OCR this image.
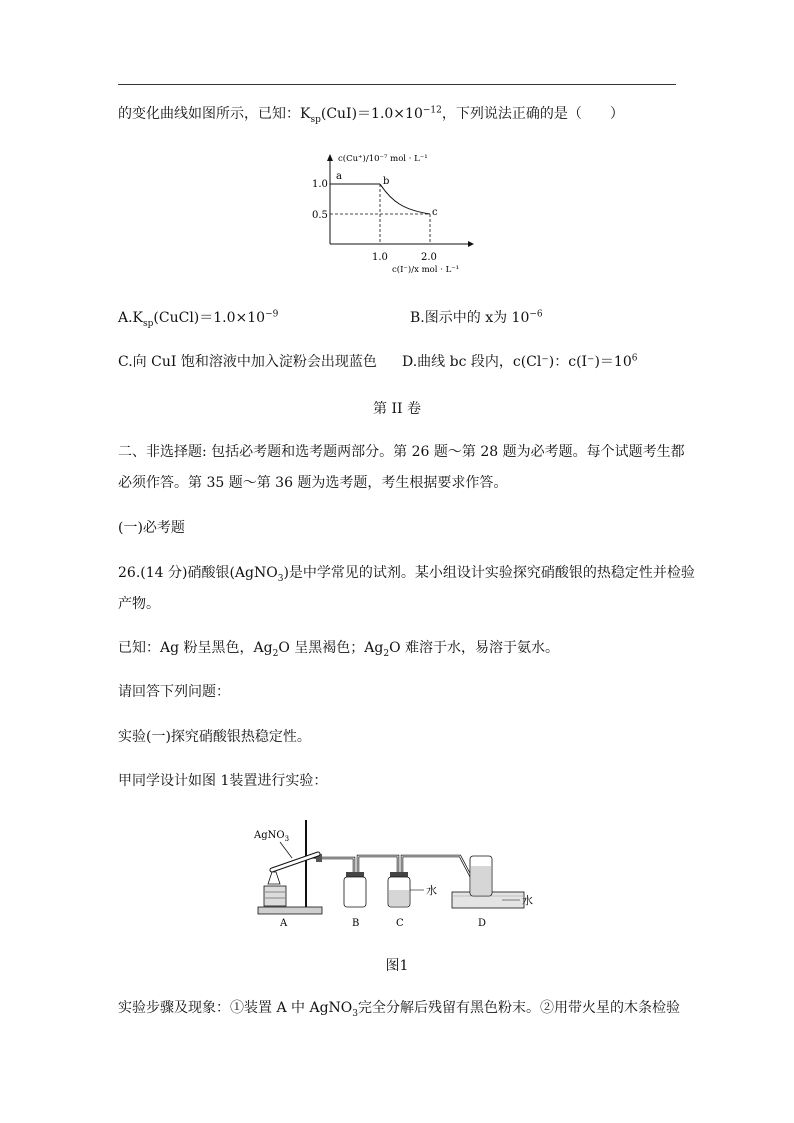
的变化曲线如图所示，已知：$K_{sp}(CuI)=1.0\times 10^{-12}$，下列说法正确的是（　　）
c(Cu⁺)/10⁻⁷ mol · L⁻¹
1.0
0.5
a	b
c
1.0	2.0
c(I⁻)/x mol · L⁻¹
$A.K_{sp}(CuCl)=1.0\times 10^{-9}$	B.图示中的 x为 $10^{-6}$
C.向 CuI 饱和溶液中加入淀粉会出现蓝色 D.曲线 bc 段内，c(Cl⁻)：$c(I^-)=10^6$
第 II 卷
二、非选择题: 包括必考题和选考题两部分。第 26 题～第 28 题为必考题。每个试题考生都
必须作答。第 35 题～第 36 题为选考题，考生根据要求作答。
(一)必考题
26.(14 分)硝酸银(AgNO$_3$)是中学常见的试剂。某小组设计实验探究硝酸银的热稳定性并检验
产物。
已知：Ag 粉呈黑色，$Ag_2O$ 呈黑褐色；$Ag_2O$ 难溶于水，易溶于氨水。
请回答下列问题：
实验(一)探究硝酸银热稳定性。
甲同学设计如图 1装置进行实验：
AgNO$_3$
水
水
A	B	C	D
图1
实验步骤及现象：①装置 A 中 AgNO$_3$完全分解后残留有黑色粉末。②用带火星的木条检验
